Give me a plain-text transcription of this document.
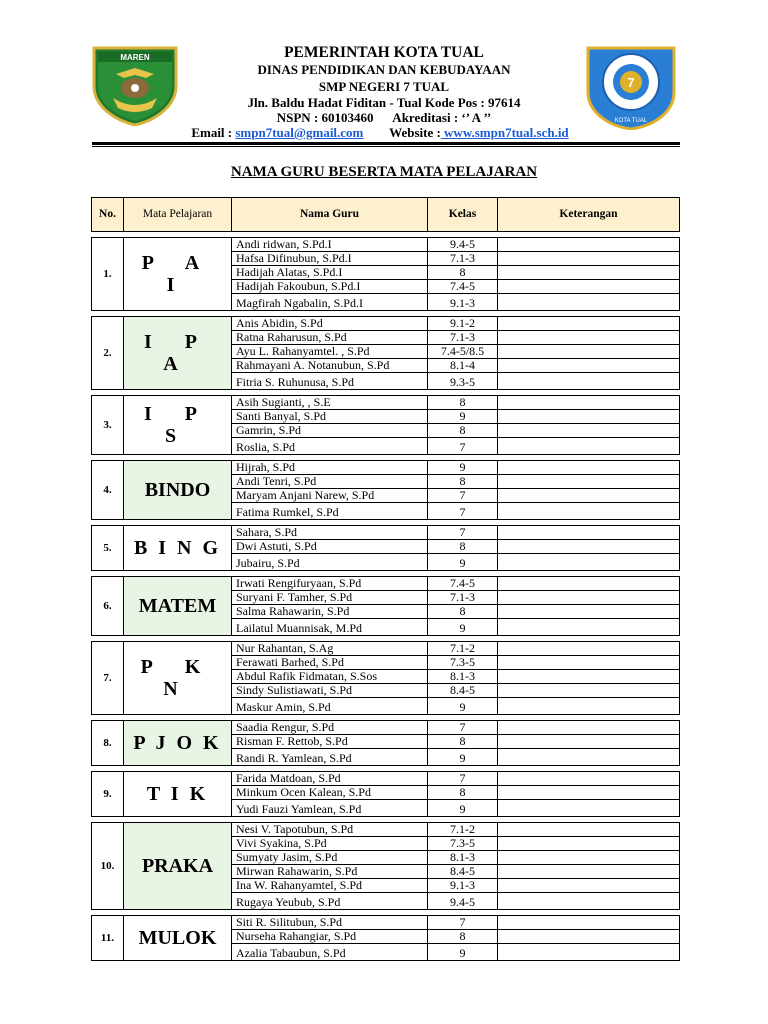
MAREN
7
KOTA TUAL
PEMERINTAH KOTA TUAL
DINAS PENDIDIKAN DAN KEBUDAYAAN
SMP NEGERI 7 TUAL
Jln. Baldu Hadat Fiditan - Tual Kode Pos : 97614
NSPN : 60103460      Akreditasi : ‘’ A ’’
Email : smpn7tual@gmail.com Website : www.smpn7tual.sch.id
NAMA GURU BESERTA MATA PELAJARAN
No.	Mata Pelajaran	Nama Guru	Kelas	Keterangan

1.	P A I	Andi ridwan, S.Pd.I	9.4-5	
		Hafsa Difinubun, S.Pd.I	7.1-3	
		Hadijah Alatas, S.Pd.I	8	
		Hadijah Fakoubun, S.Pd.I	7.4-5	
		Magfirah Ngabalin, S.Pd.I	9.1-3	

2.	I P A	Anis Abidin, S.Pd	9.1-2	
		Ratna Raharusun, S.Pd	7.1-3	
		Ayu L. Rahanyamtel. , S.Pd	7.4-5/8.5	
		Rahmayani A. Notanubun, S.Pd	8.1-4	
		Fitria S. Ruhunusa, S.Pd	9.3-5	

3.	I P S	Asih Sugianti, , S.E	8	
		Santi Banyal, S.Pd	9	
		Gamrin, S.Pd	8	
		Roslia, S.Pd	7	

4.	BINDO	Hijrah, S.Pd	9	
		Andi Tenri, S.Pd	8	
		Maryam Anjani Narew, S.Pd	7	
		Fatima Rumkel, S.Pd	7	

5.	B I N G	Sahara, S.Pd	7	
		Dwi Astuti, S.Pd	8	
		Jubairu, S.Pd	9	

6.	MATEM	Irwati Rengifuryaan, S.Pd	7.4-5	
		Suryani F. Tamher, S.Pd	7.1-3	
		Salma Rahawarin, S.Pd	8	
		Lailatul Muannisak, M.Pd	9	

7.	P K N	Nur Rahantan, S.Ag	7.1-2	
		Ferawati Barhed, S.Pd	7.3-5	
		Abdul Rafik Fidmatan, S.Sos	8.1-3	
		Sindy Sulistiawati, S.Pd	8.4-5	
		Maskur Amin, S.Pd	9	

8.	P J O K	Saadia Rengur, S.Pd	7	
		Risman F. Rettob, S.Pd	8	
		Randi R. Yamlean, S.Pd	9	

9.	T I K	Farida Matdoan, S.Pd	7	
		Minkum Ocen Kalean, S.Pd	8	
		Yudi Fauzi Yamlean, S.Pd	9	

10.	PRAKA	Nesi V. Tapotubun, S.Pd	7.1-2	
		Vivi Syakina, S.Pd	7.3-5	
		Sumyaty Jasim, S.Pd	8.1-3	
		Mirwan Rahawarin, S.Pd	8.4-5	
		Ina W. Rahanyamtel, S.Pd	9.1-3	
		Rugaya Yeubub, S.Pd	9.4-5	

11.	MULOK	Siti R. Silitubun, S.Pd	7	
		Nurseha Rahangiar, S.Pd	8	
		Azalia Tabaubun, S.Pd	9	
